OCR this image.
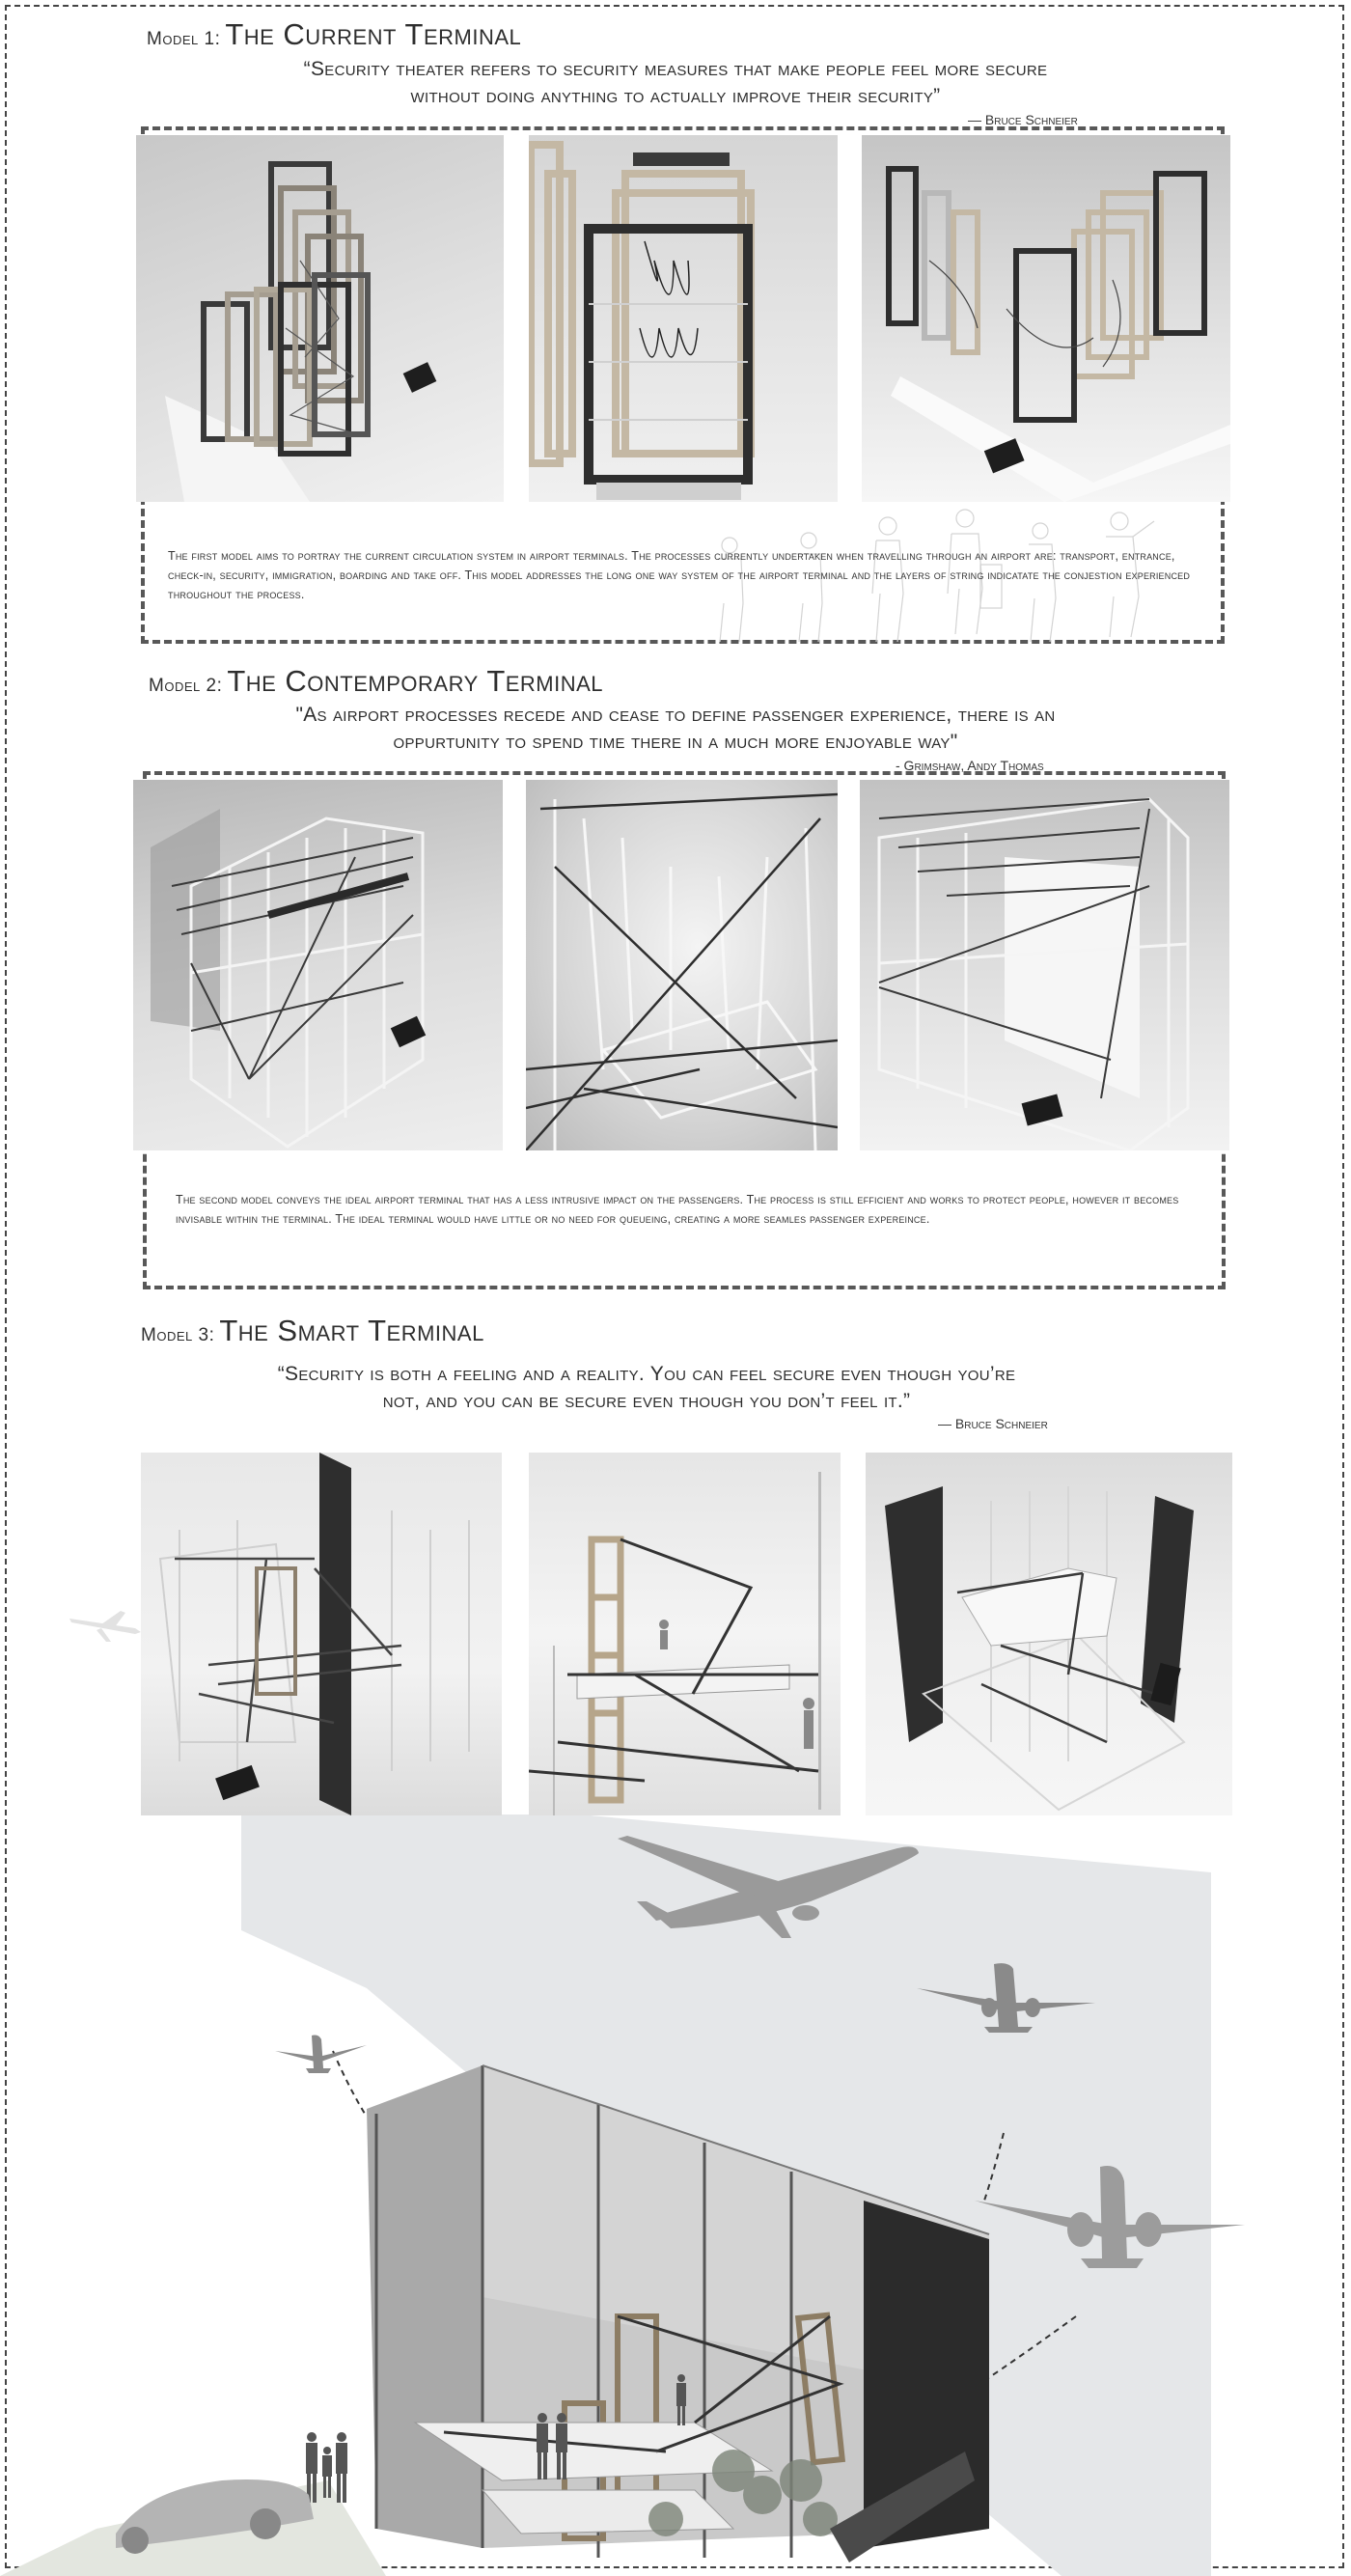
Model 1: The Current Terminal
“Security theater refers to security measures that make people feel more secure
without doing anything to actually improve their security”
— Bruce Schneier
The first model aims to portray the current circulation system in airport terminals. The processes currently undertaken when travelling through an airport are: transport, entrance, check-in, security, immigration, boarding and take off. This model addresses the long one way system of the airport terminal and the layers of string indicatate the conjestion experienced throughout the process.
Model 2: The Contemporary Terminal
"As airport processes recede and cease to define passenger experience, there is an
oppurtunity to spend time there in a much more enjoyable way"
- Grimshaw, Andy Thomas
The second model conveys the ideal airport terminal that has a less intrusive impact on the passengers. The process is still efficient and works to protect people, however it becomes invisable within the terminal. The ideal terminal would have little or no need for queueing, creating a more seamles passenger expereince.
Model 3: The Smart Terminal
“Security is both a feeling and a reality. You can feel secure even though you’re
not, and you can be secure even though you don’t feel it.”
— Bruce Schneier
